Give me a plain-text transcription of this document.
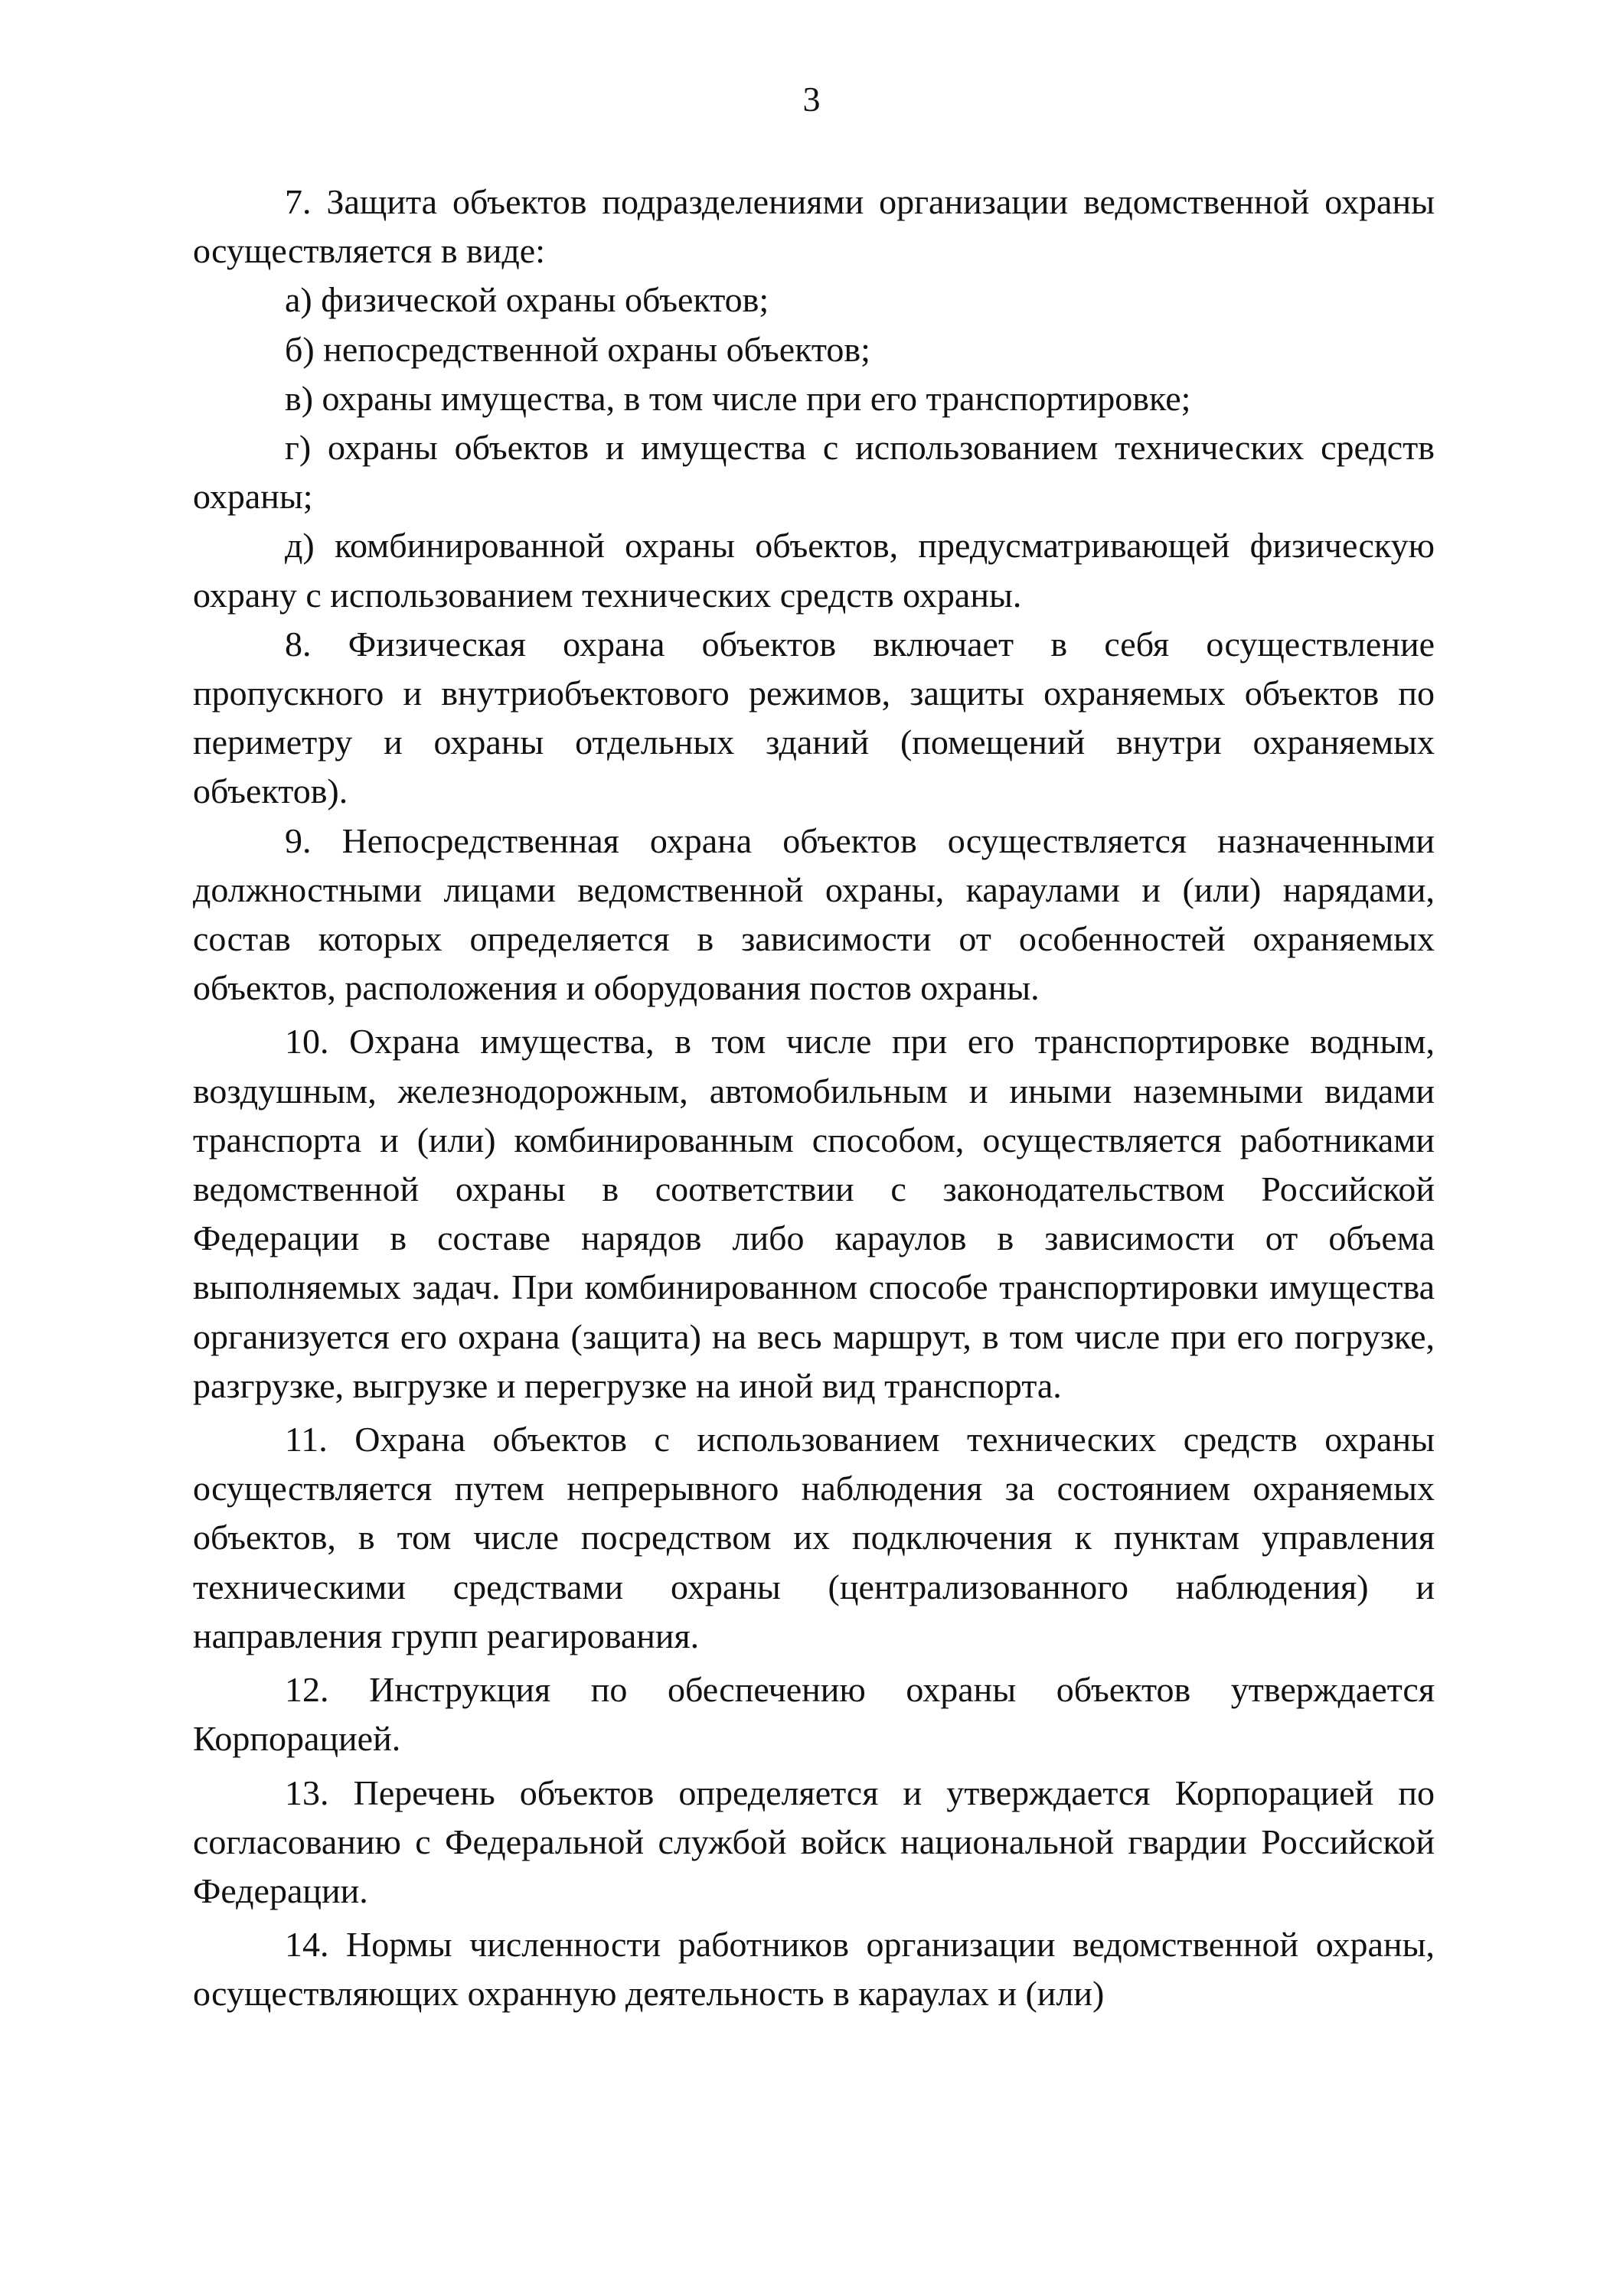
3

7. Защита объектов подразделениями организации ведомственной охраны осуществляется в виде:

а) физической охраны объектов;

б) непосредственной охраны объектов;

в) охраны имущества, в том числе при его транспортировке;

г) охраны объектов и имущества с использованием технических средств охраны;

д) комбинированной охраны объектов, предусматривающей физическую охрану с использованием технических средств охраны.

8. Физическая охрана объектов включает в себя осуществление пропускного и внутриобъектового режимов, защиты охраняемых объектов по периметру и охраны отдельных зданий (помещений внутри охраняемых объектов).

9. Непосредственная охрана объектов осуществляется назначенными должностными лицами ведомственной охраны, караулами и (или) нарядами, состав которых определяется в зависимости от особенностей охраняемых объектов, расположения и оборудования постов охраны.

10. Охрана имущества, в том числе при его транспортировке водным, воздушным, железнодорожным, автомобильным и иными наземными видами транспорта и (или) комбинированным способом, осуществляется работниками ведомственной охраны в соответствии с законодательством Российской Федерации в составе нарядов либо караулов в зависимости от объема выполняемых задач. При комбинированном способе транспортировки имущества организуется его охрана (защита) на весь маршрут, в том числе при его погрузке, разгрузке, выгрузке и перегрузке на иной вид транспорта.

11. Охрана объектов с использованием технических средств охраны осуществляется путем непрерывного наблюдения за состоянием охраняемых объектов, в том числе посредством их подключения к пунктам управления техническими средствами охраны (централизованного наблюдения) и направления групп реагирования.

12. Инструкция по обеспечению охраны объектов утверждается Корпорацией.

13. Перечень объектов определяется и утверждается Корпорацией по согласованию с Федеральной службой войск национальной гвардии Российской Федерации.

14. Нормы численности работников организации ведомственной охраны, осуществляющих охранную деятельность в караулах и (или)
